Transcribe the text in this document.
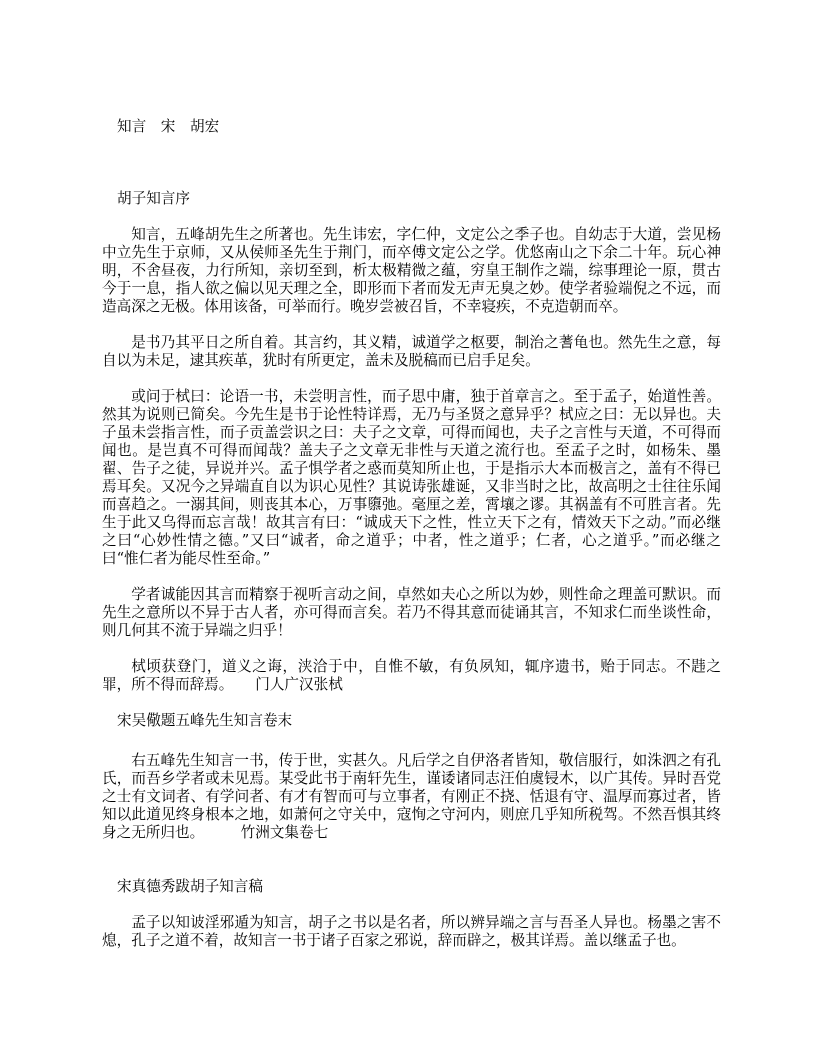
知言　宋　胡宏
胡子知言序

知言，五峰胡先生之所著也。先生讳宏，字仁仲，文定公之季子也。自幼志于大道，尝见杨中立先生于京师，又从侯师圣先生于荆门，而卒傅文定公之学。优悠南山之下余二十年。玩心神明，不舍昼夜，力行所知，亲切至到，析太极精微之蕴，穷皇王制作之端，综事理论一原，贯古今于一息，指人欲之偏以见天理之全，即形而下者而发无声无臭之妙。使学者验端倪之不远，而造高深之无极。体用该备，可举而行。晚岁尝被召旨，不幸寝疾，不克造朝而卒。

是书乃其平日之所自着。其言约，其义精，诚道学之枢要，制治之蓍龟也。然先生之意，每自以为未足，逮其疾革，犹时有所更定，盖未及脱稿而已启手足矣。

或问于栻曰：论语一书，未尝明言性，而子思中庸，独于首章言之。至于孟子，始道性善。然其为说则已简矣。今先生是书于论性特详焉，无乃与圣贤之意异乎？栻应之曰：无以异也。夫子虽未尝指言性，而子贡盖尝识之曰：夫子之文章，可得而闻也，夫子之言性与天道，不可得而闻也。是岂真不可得而闻哉？盖夫子之文章无非性与天道之流行也。至孟子之时，如杨朱、墨翟、告子之徒，异说并兴。孟子惧学者之惑而莫知所止也，于是指示大本而极言之，盖有不得已焉耳矣。又况今之异端直自以为识心见性？其说诪张雄诞，又非当时之比，故高明之士往往乐闻而喜趋之。一溺其间，则丧其本心，万事隳弛。毫厘之差，霄壤之谬。其祸盖有不可胜言者。先生于此又乌得而忘言哉！故其言有曰：“诚成天下之性，性立天下之有，情效天下之动。”而必继之曰“心妙性情之德。”又曰“诚者，命之道乎；中者，性之道乎；仁者，心之道乎。”而必继之曰“惟仁者为能尽性至命。”

学者诚能因其言而精察于视听言动之间，卓然如夫心之所以为妙，则性命之理盖可默识。而先生之意所以不异于古人者，亦可得而言矣。若乃不得其意而徒诵其言，不知求仁而坐谈性命，则几何其不流于异端之归乎！

栻顷获登门，道义之诲，浃洽于中，自惟不敏，有负夙知，辄序遗书，贻于同志。不韪之罪，所不得而辞焉。　　门人广汉张栻

宋吴儆题五峰先生知言卷末

右五峰先生知言一书，传于世，实甚久。凡后学之自伊洛者皆知，敬信服行，如洙泗之有孔氏，而吾乡学者或未见焉。某受此书于南轩先生，谨诿诸同志汪伯虞锓木，以广其传。异时吾党之士有文词者、有学问者、有才有智而可与立事者，有刚正不挠、恬退有守、温厚而寡过者，皆知以此道见终身根本之地，如萧何之守关中，寇恂之守河内，则庶几乎知所税驾。不然吾惧其终身之无所归也。　　　竹洲文集卷七

宋真德秀跋胡子知言稿

孟子以知诐淫邪遁为知言，胡子之书以是名者，所以辨异端之言与吾圣人异也。杨墨之害不熄，孔子之道不着，故知言一书于诸子百家之邪说，辞而辟之，极其详焉。盖以继孟子也。
